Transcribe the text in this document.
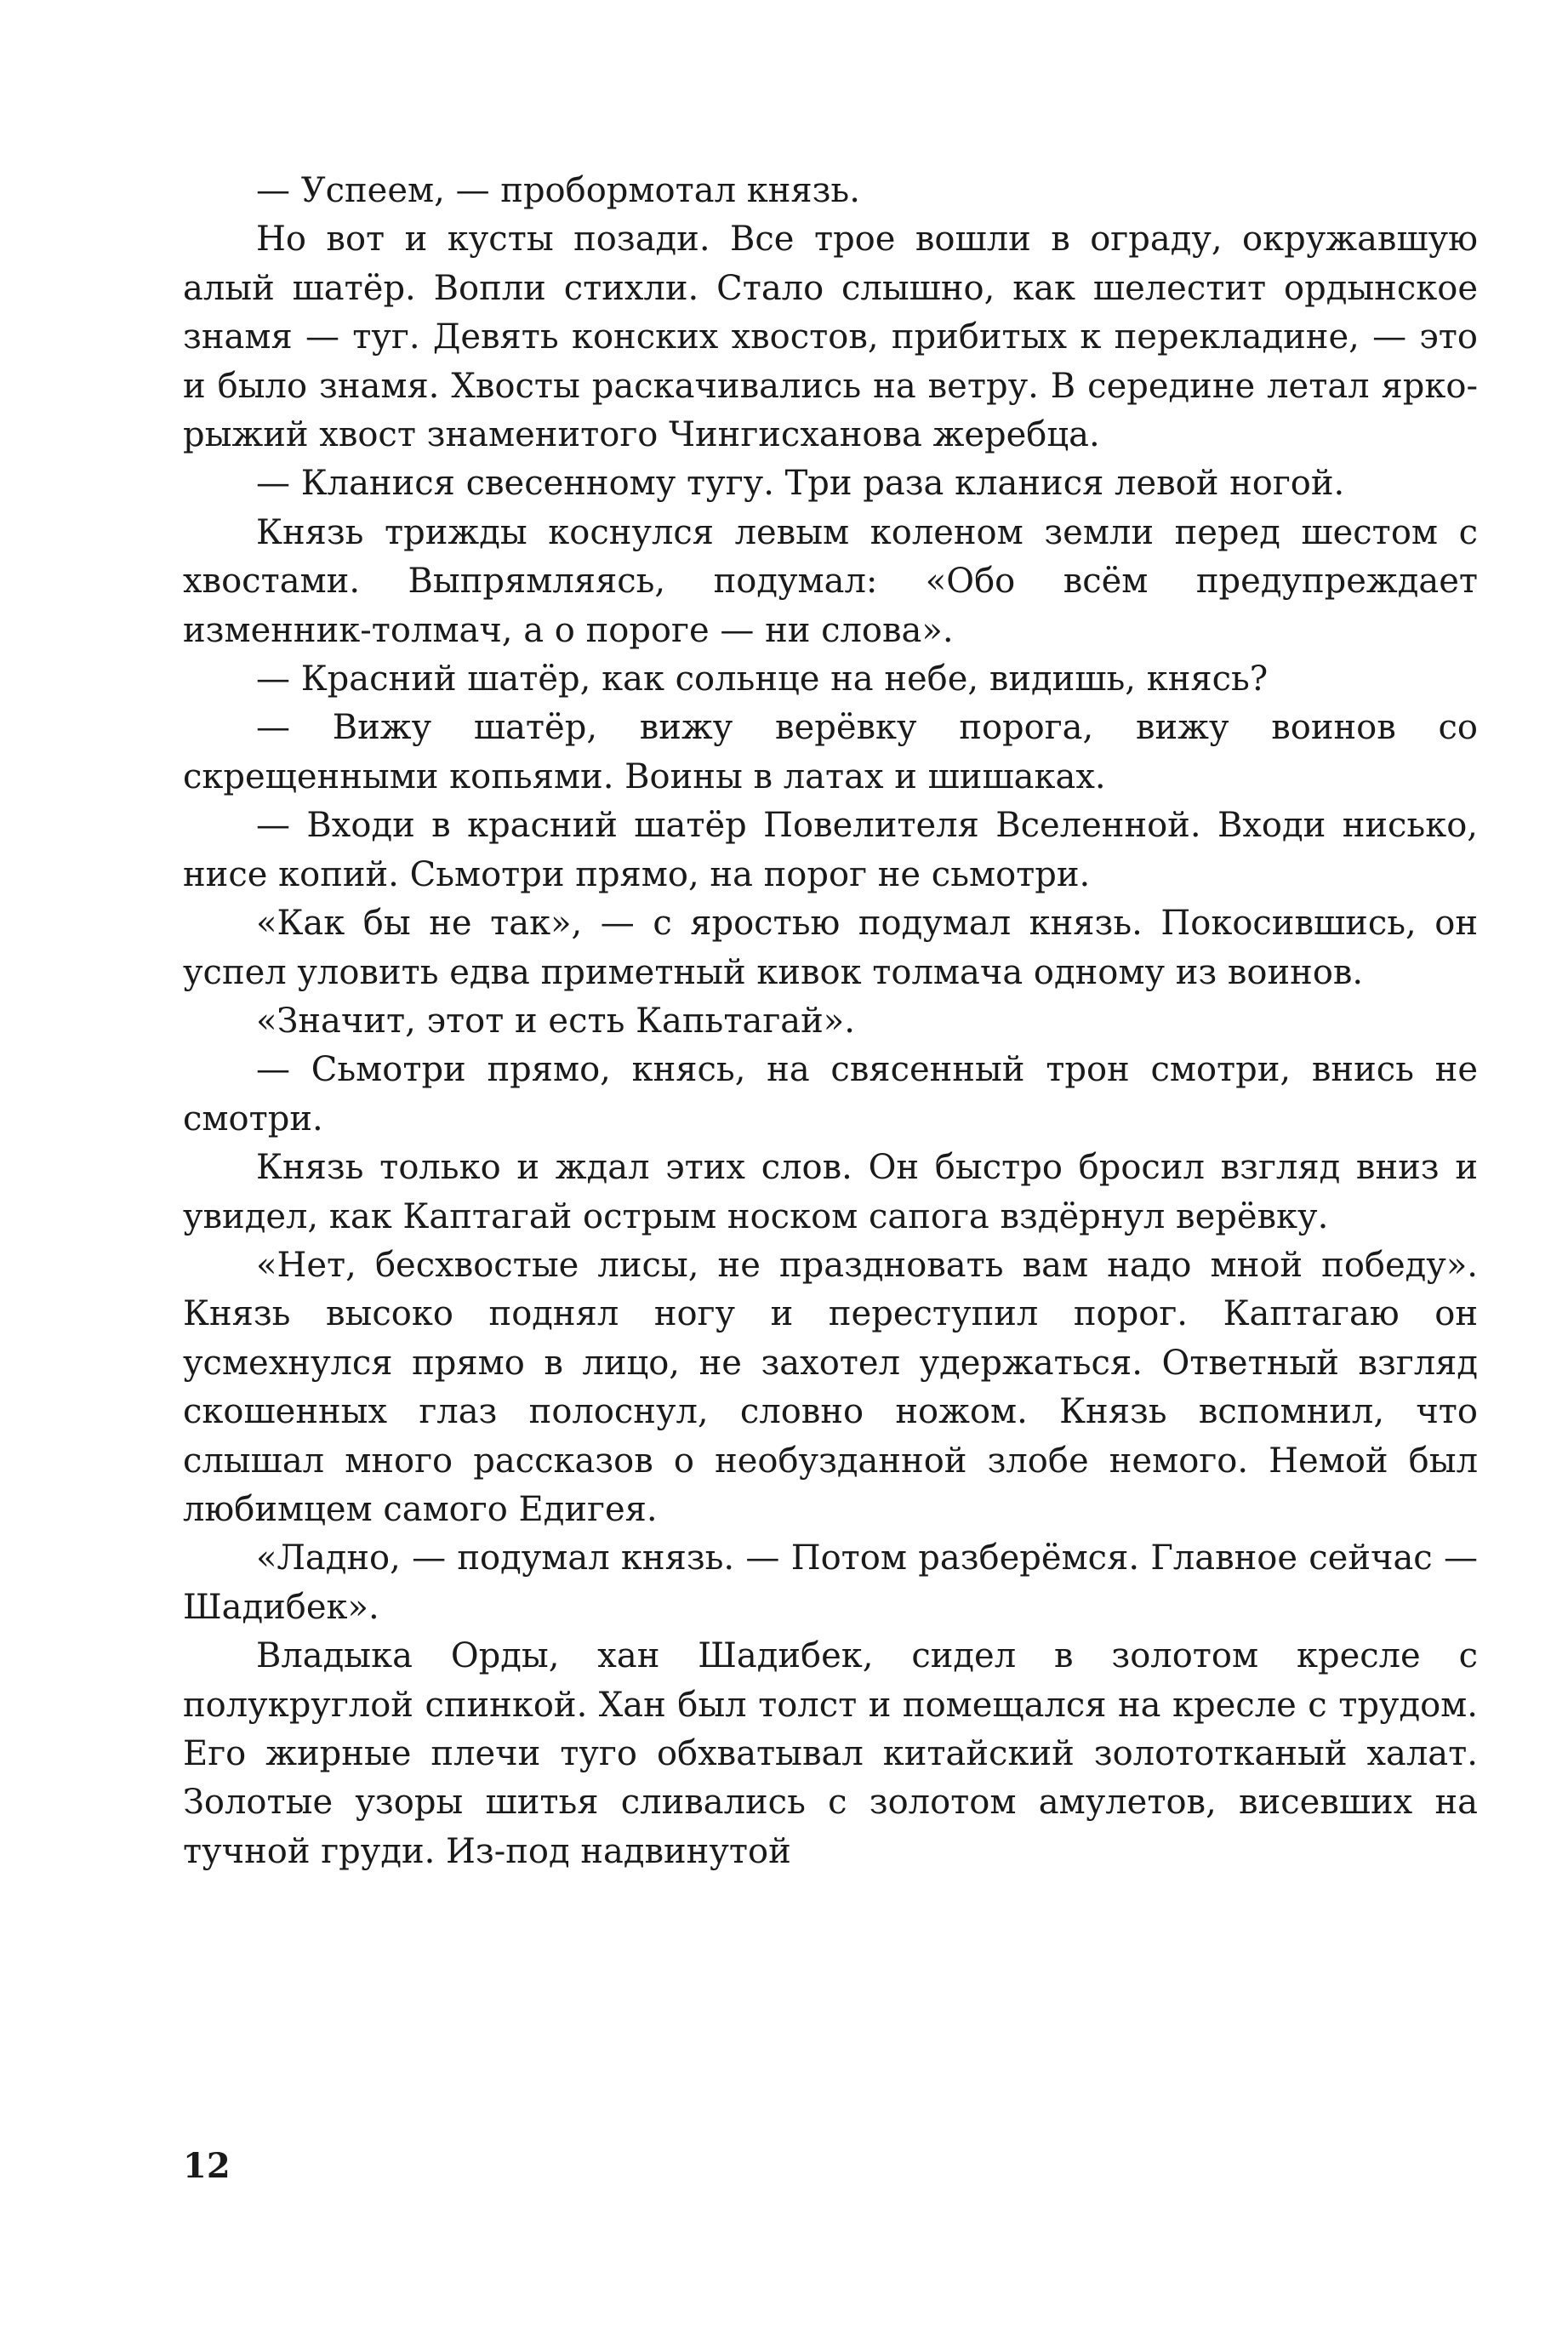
— Успеем, — пробормотал князь.

Но вот и кусты позади. Все трое вошли в ограду, окружавшую алый шатёр. Вопли стихли. Стало слышно, как шелестит ордынское знамя — туг. Девять конских хвостов, прибитых к перекладине, — это и было знамя. Хвосты раскачивались на ветру. В середине летал ярко-рыжий хвост знаменитого Чингисханова жеребца.

— Кланися свесенному тугу. Три раза кланися левой ногой.

Князь трижды коснулся левым коленом земли перед шестом с хвостами. Выпрямляясь, подумал: «Обо всём предупреждает изменник-толмач, а о пороге — ни слова».

— Красний шатёр, как сольнце на небе, видишь, княсь?

— Вижу шатёр, вижу верёвку порога, вижу воинов со скрещенными копьями. Воины в латах и шишаках.

— Входи в красний шатёр Повелителя Вселенной. Входи нисько, нисе копий. Сьмотри прямо, на порог не сьмотри.

«Как бы не так», — с яростью подумал князь. Покосившись, он успел уловить едва приметный кивок толмача одному из воинов.

«Значит, этот и есть Капьтагай».

— Сьмотри прямо, княсь, на свясенный трон смотри, внись не смотри.

Князь только и ждал этих слов. Он быстро бросил взгляд вниз и увидел, как Каптагай острым носком сапога вздёрнул верёвку.

«Нет, бесхвостые лисы, не праздновать вам надо мной победу». Князь высоко поднял ногу и переступил порог. Каптагаю он усмехнулся прямо в лицо, не захотел удержаться. Ответный взгляд скошенных глаз полоснул, словно ножом. Князь вспомнил, что слышал много рассказов о необузданной злобе немого. Немой был любимцем самого Едигея.

«Ладно, — подумал князь. — Потом разберёмся. Главное сейчас — Шадибек».

Владыка Орды, хан Шадибек, сидел в золотом кресле с полукруглой спинкой. Хан был толст и помещался на кресле с трудом. Его жирные плечи туго обхватывал китайский золототканый халат. Золотые узоры шитья сливались с золотом амулетов, висевших на тучной груди. Из-под надвинутой

12
